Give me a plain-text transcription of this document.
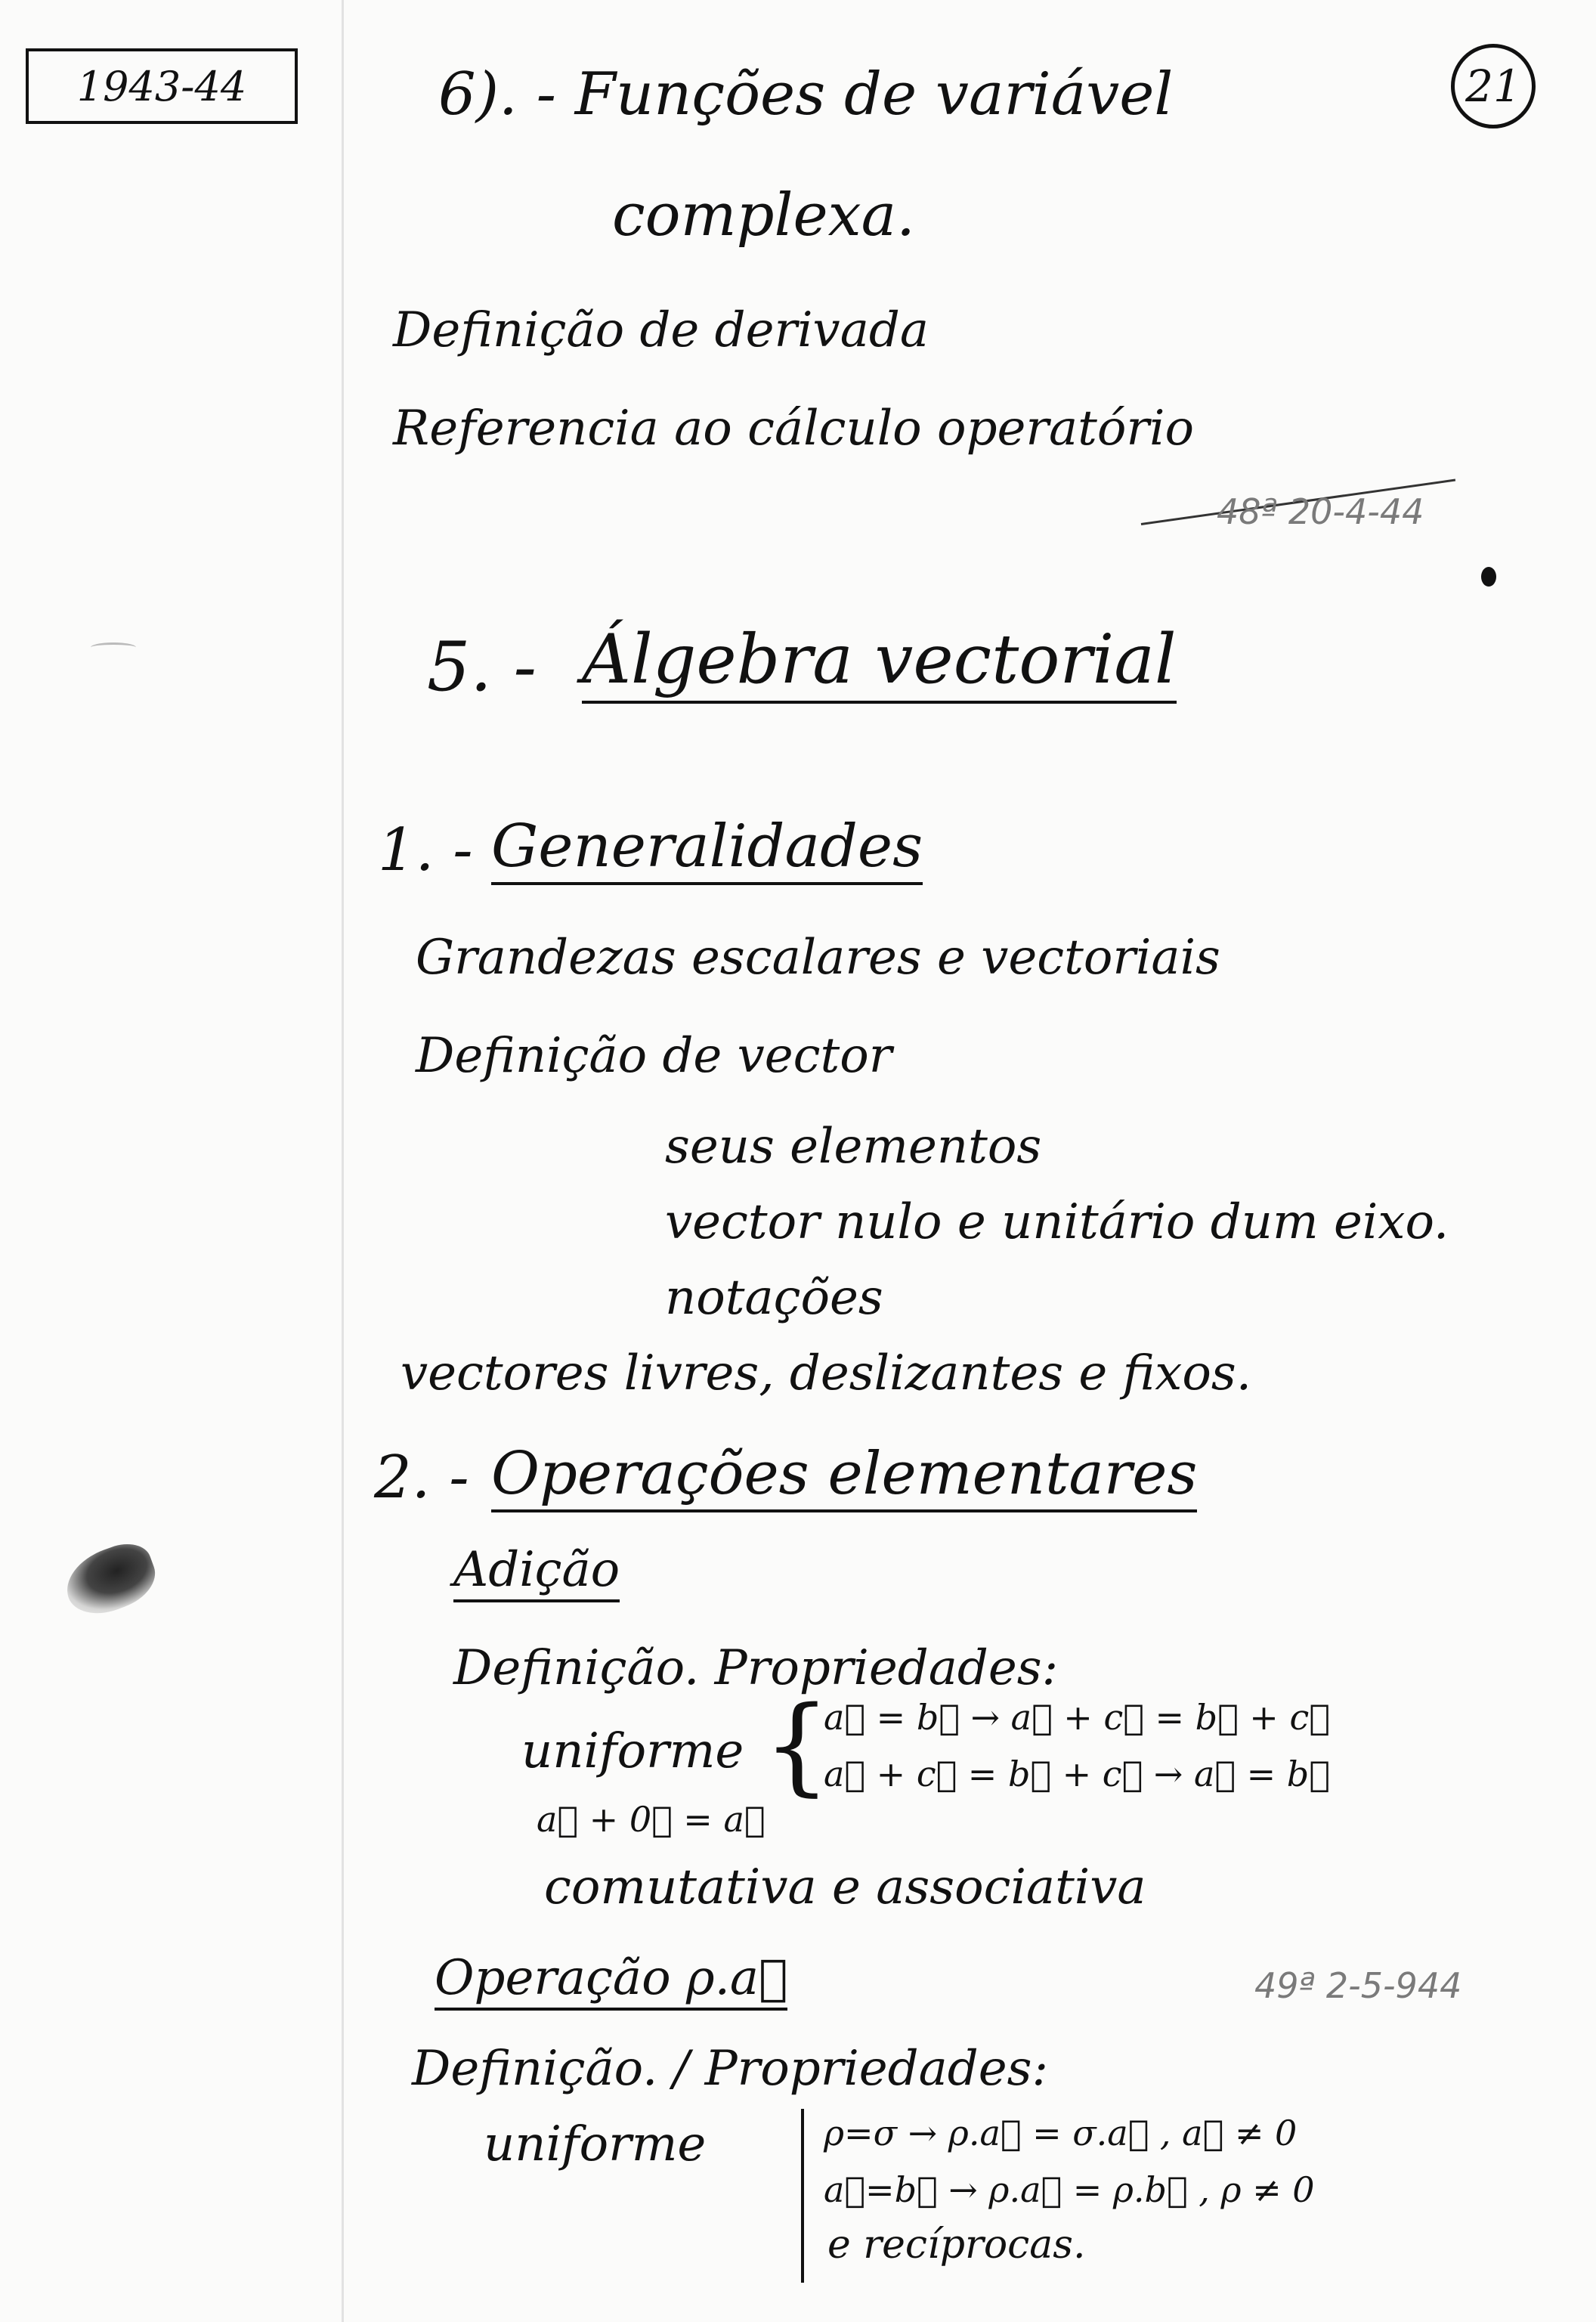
1943-44	21
6). - Funções de variável
complexa.
Definição de derivada
Referencia ao cálculo operatório
48ª 20-4-44
5. - Álgebra vectorial
1. - Generalidades
Grandezas escalares e vectoriais
Definição de vector
seus elementos
vector nulo e unitário dum eixo.
notações
vectores livres, deslizantes e fixos.
2. - Operações elementares
Adição
Definição. Propriedades:
uniforme {
a⃗ = b⃗ → a⃗ + c⃗ = b⃗ + c⃗
a⃗ + c⃗ = b⃗ + c⃗ → a⃗ = b⃗
a⃗ + 0⃗ = a⃗
comutativa e associativa
Operação ρ.a⃗	49ª 2-5-944
Definição. / Propriedades:
uniforme	ρ=σ → ρ.a⃗ = σ.a⃗ , a⃗ ≠ 0
a⃗=b⃗ → ρ.a⃗ = ρ.b⃗ , ρ ≠ 0
e recíprocas.
